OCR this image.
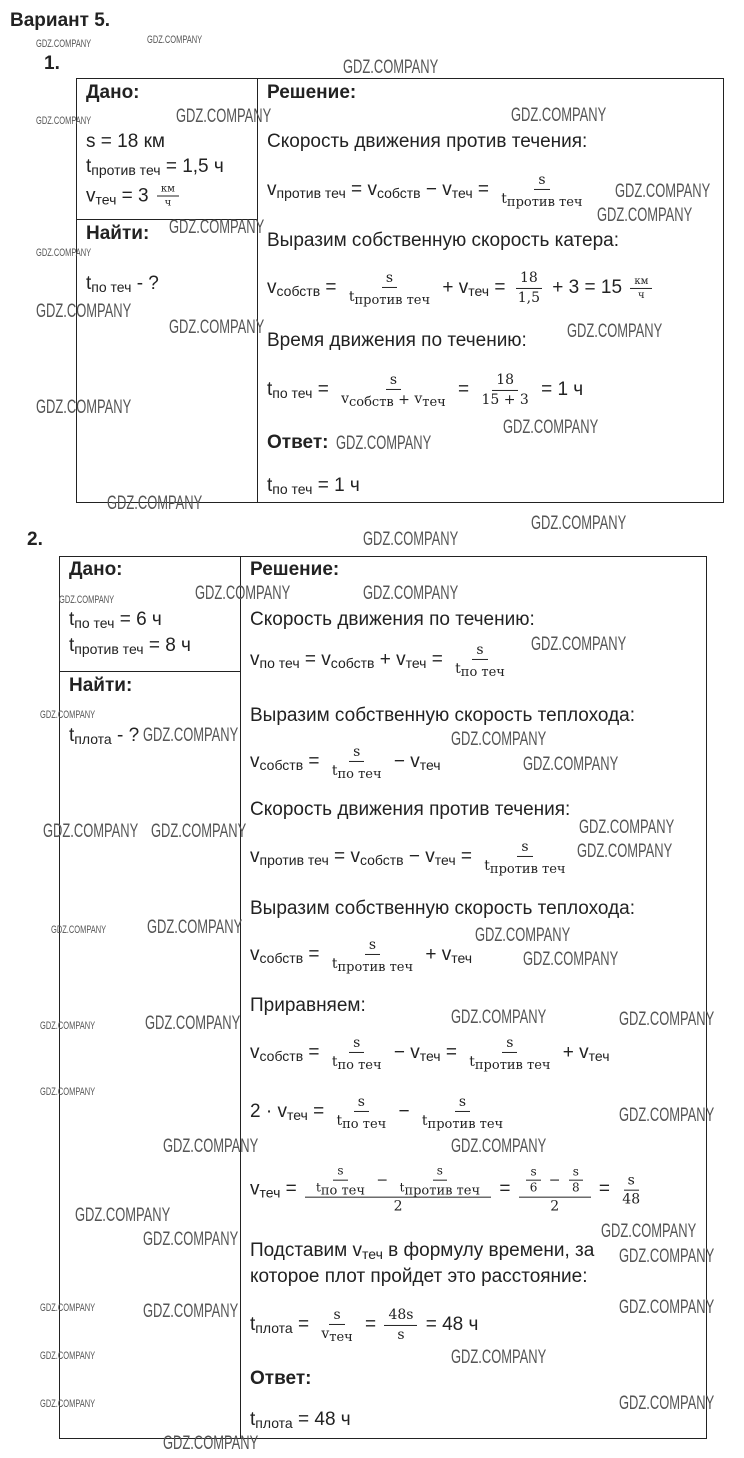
Вариант 5.
1.
2.
Дано:
s = 18 км
t против теч = 1,5 ч
v теч = $3 \frac{км}{ч}$
Найти:
t по теч - ?
Решение:
Скорость движения против течения:
v против теч = v собств − v теч = $\frac{s}{\text{t против теч}}$
Выразим собственную скорость катера:
v собств = $\frac{s}{\text{t против теч}} + v$ теч = $\frac{18}{1,5} + 3 = 15 \frac{км}{ч}$
Время движения по течению:
t по теч = $\frac{s}{\text{v собств + v теч}} = \frac{18}{15 + 3} = 1$ ч
Ответ:
t по теч = 1 ч
Дано:
t по теч = 6 ч
t против теч = 8 ч
Найти:
t плота - ?
Решение:
Скорость движения по течению:
v по теч = v собств + v теч = $\frac{s}{\text{t по теч}}$
Выразим собственную скорость теплохода:
v собств = $\frac{s}{\text{t по теч}} - v$ теч
Скорость движения против течения:
v против теч = v собств − v теч = $\frac{s}{\text{t против теч}}$
Выразим собственную скорость теплохода:
v собств = $\frac{s}{\text{t против теч}} + v$ теч
Приравняем:
v собств = $\frac{s}{\text{t по теч}} - v$ теч = $\frac{s}{\text{t против теч}} + v$ теч
2 · v теч = $\frac{s}{\text{t по теч}} - \frac{s}{\text{t против теч}}$
v теч = $\frac{\frac{s}{\text{t по теч}} - \frac{s}{\text{t против теч}}}{2} = \frac{\frac{s}{6} - \frac{s}{8}}{2} = \frac{s}{48}$
Подставим v теч в формулу времени, за
которое плот пройдет это расстояние:
t плота = $\frac{s}{\text{v теч}} = \frac{48s}{s} = 48$ ч
Ответ:
t плота = 48 ч
GDZ.COMPANY
GDZ.COMPANY
GDZ.COMPANY
GDZ.COMPANY
GDZ.COMPANY
GDZ.COMPANY
GDZ.COMPANY
GDZ.COMPANY
GDZ.COMPANY
GDZ.COMPANY
GDZ.COMPANY
GDZ.COMPANY	GDZ.COMPANY
GDZ.COMPANY
GDZ.COMPANY
GDZ.COMPANY
GDZ.COMPANY
GDZ.COMPANY
GDZ.COMPANY
GDZ.COMPANY	GDZ.COMPANY	GDZ.COMPANY
GDZ.COMPANY
GDZ.COMPANY
GDZ.COMPANY	GDZ.COMPANY
GDZ.COMPANY
GDZ.COMPANY GDZ.COMPANY	GDZ.COMPANY
GDZ.COMPANY
GDZ.COMPANY GDZ.COMPANY	GDZ.COMPANY
GDZ.COMPANY
GDZ.COMPANY	GDZ.COMPANY	GDZ.COMPANY	GDZ.COMPANY
GDZ.COMPANY
GDZ.COMPANY	GDZ.COMPANY
GDZ.COMPANY
GDZ.COMPANY
GDZ.COMPANY	GDZ.COMPANY
GDZ.COMPANY
GDZ.COMPANY	GDZ.COMPANY
GDZ.COMPANY
GDZ.COMPANY
GDZ.COMPANY
GDZ.COMPANY
GDZ.COMPANY
GDZ.COMPANY
